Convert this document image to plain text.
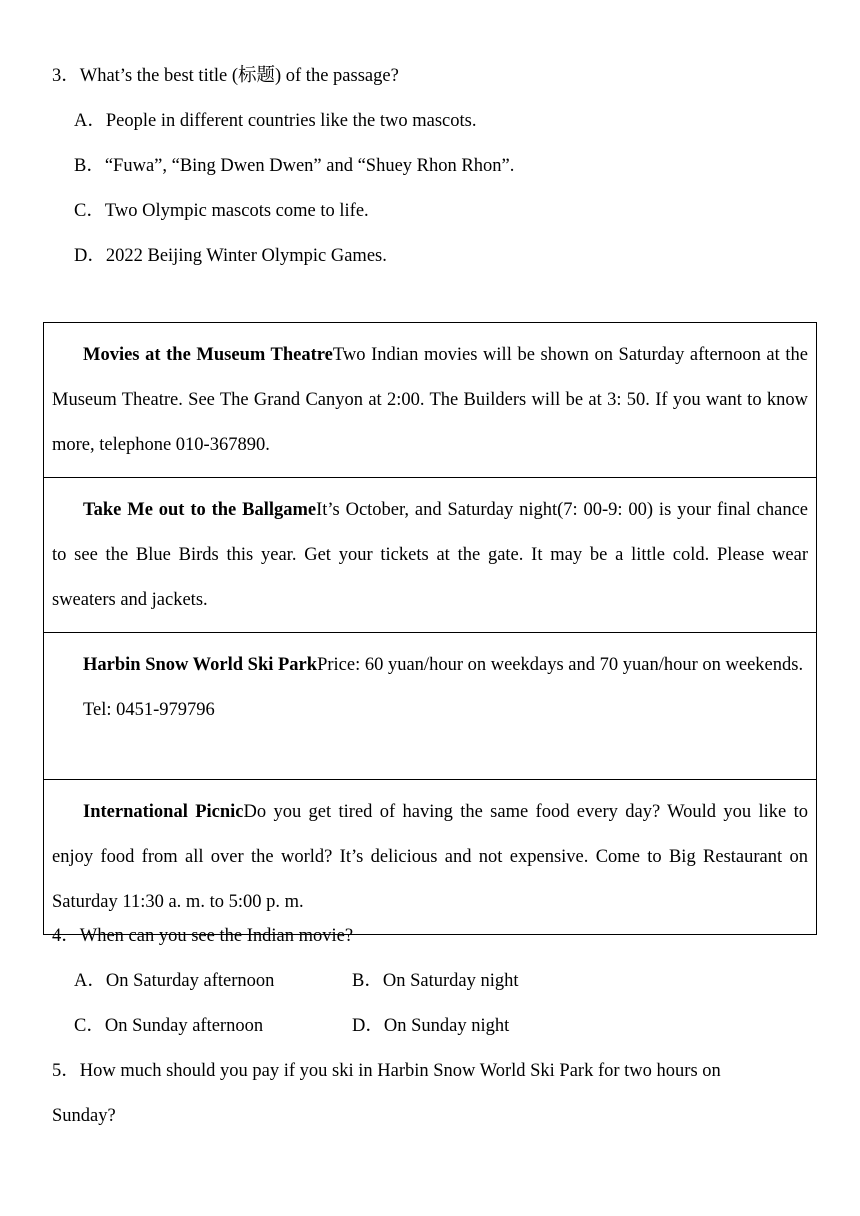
3．What’s the best title (标题) of the passage?
A．People in different countries like the two mascots.
B．“Fuwa”, “Bing Dwen Dwen” and “Shuey Rhon Rhon”.
C．Two Olympic mascots come to life.
D．2022 Beijing Winter Olympic Games.

Movies at the Museum TheatreTwo Indian movies will be shown on Saturday afternoon at the Museum Theatre. See The Grand Canyon at 2:00. The Builders will be at 3: 50. If you want to know more, telephone 010-367890.

Take Me out to the BallgameIt’s October, and Saturday night(7: 00-9: 00) is your final chance to see the Blue Birds this year. Get your tickets at the gate. It may be a little cold. Please wear sweaters and jackets.

Harbin Snow World Ski ParkPrice: 60 yuan/hour on weekdays and 70 yuan/hour on weekends.

Tel: 0451-979796

International PicnicDo you get tired of having the same food every day? Would you like to enjoy food from all over the world? It’s delicious and not expensive. Come to Big Restaurant on Saturday 11:30 a. m. to 5:00 p. m.

4．When can you see the Indian movie?
A．On Saturday afternoon	B．On Saturday night
C．On Sunday afternoon	D．On Sunday night
5．How much should you pay if you ski in Harbin Snow World Ski Park for two hours on
Sunday?
